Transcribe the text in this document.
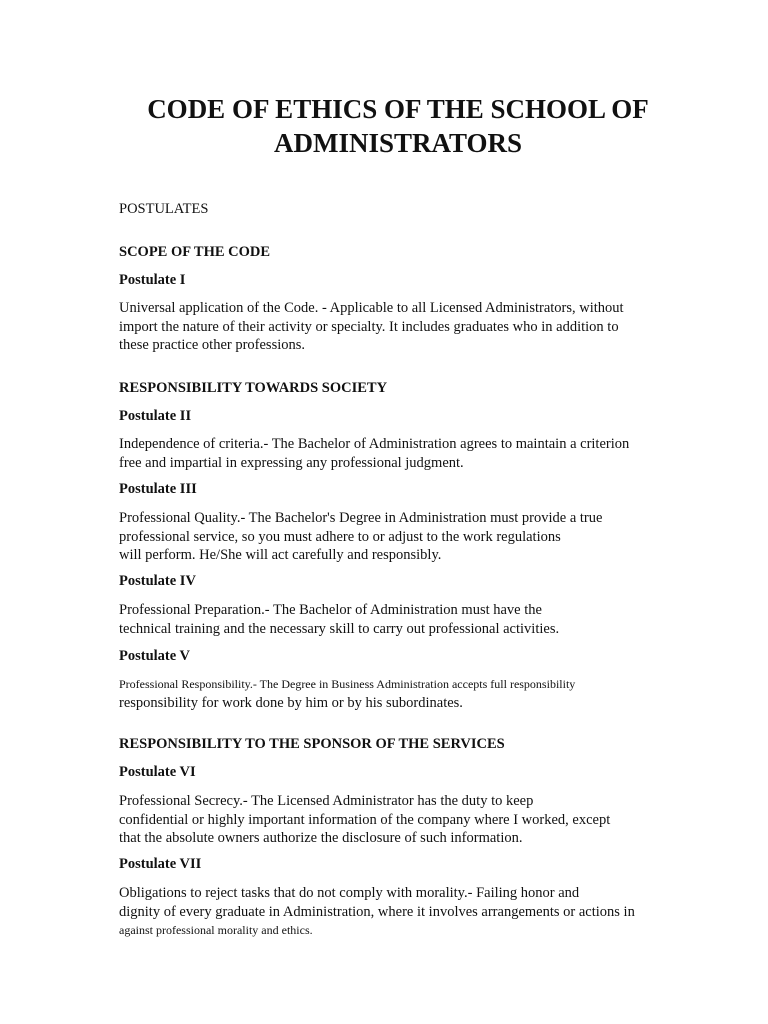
CODE OF ETHICS OF THE SCHOOL OF
ADMINISTRATORS
POSTULATES
SCOPE OF THE CODE
Postulate I
Universal application of the Code. - Applicable to all Licensed Administrators, without
import the nature of their activity or specialty. It includes graduates who in addition to
these practice other professions.
RESPONSIBILITY TOWARDS SOCIETY
Postulate II
Independence of criteria.- The Bachelor of Administration agrees to maintain a criterion
free and impartial in expressing any professional judgment.
Postulate III
Professional Quality.- The Bachelor's Degree in Administration must provide a true
professional service, so you must adhere to or adjust to the work regulations
will perform. He/She will act carefully and responsibly.
Postulate IV
Professional Preparation.- The Bachelor of Administration must have the
technical training and the necessary skill to carry out professional activities.
Postulate V
Professional Responsibility.- The Degree in Business Administration accepts full responsibility
responsibility for work done by him or by his subordinates.
RESPONSIBILITY TO THE SPONSOR OF THE SERVICES
Postulate VI
Professional Secrecy.- The Licensed Administrator has the duty to keep
confidential or highly important information of the company where I worked, except
that the absolute owners authorize the disclosure of such information.
Postulate VII
Obligations to reject tasks that do not comply with morality.- Failing honor and
dignity of every graduate in Administration, where it involves arrangements or actions in
against professional morality and ethics.
